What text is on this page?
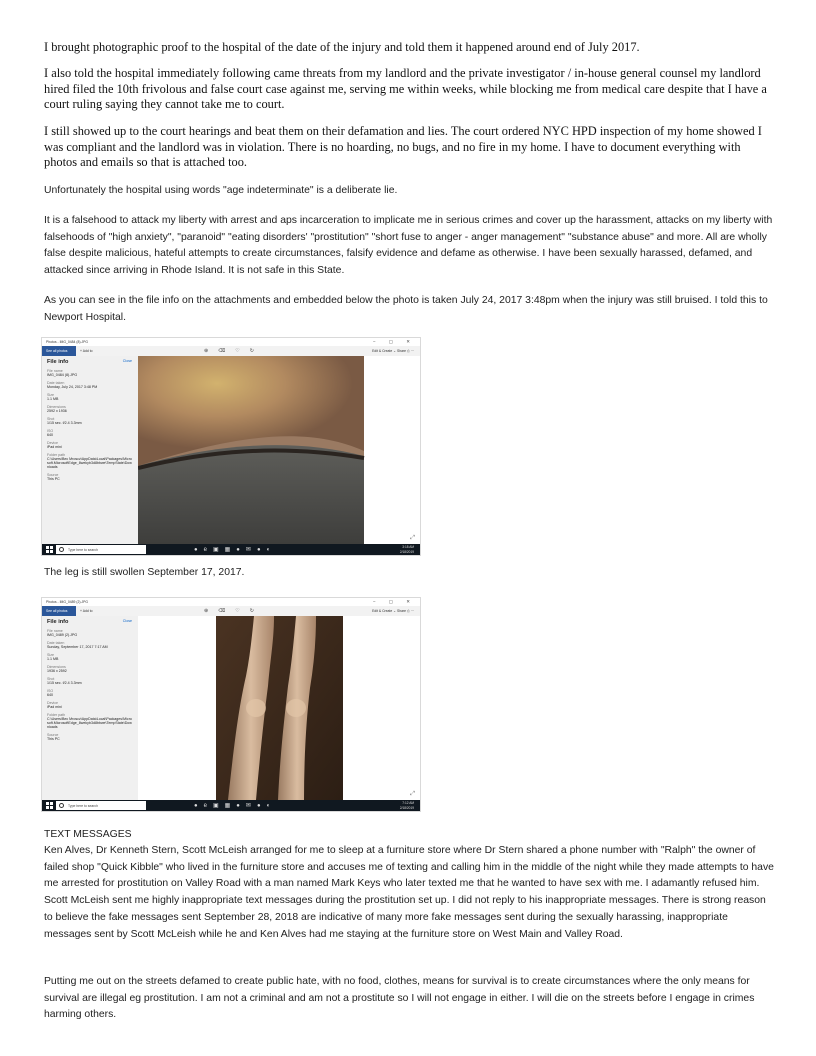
I brought photographic proof to the hospital of the date of the injury and told them it happened around end of July 2017.

I also told the hospital immediately following came threats from my landlord and the private investigator / in-house general counsel my landlord hired filed the 10th frivolous and false court case against me, serving me within weeks, while blocking me from medical care despite that I have a court ruling saying they cannot take me to court.

I still showed up to the court hearings and beat them on their defamation and lies. The court ordered NYC HPD inspection of my home showed I was compliant and the landlord was in violation. There is no hoarding, no bugs, and no fire in my home. I have to document everything with photos and emails so that is attached too.

Unfortunately the hospital using words "age indeterminate" is a deliberate lie.

It is a falsehood to attack my liberty with arrest and aps incarceration to implicate me in serious crimes and cover up the harassment, attacks on my liberty with falsehoods of "high anxiety", "paranoid" "eating disorders' "prostitution" "short fuse to anger - anger management" "substance abuse" and more. All are wholly false despite malicious, hateful attempts to create circumstances, falsify evidence and defame as otherwise. I have been sexually harassed, defamed, and attacked since arriving in Rhode Island. It is not safe in this State.

As you can see in the file info on the attachments and embedded below the photo is taken July 24, 2017 3:48pm when the injury was still bruised. I told this to Newport Hospital.

Photos - IMG_0484 (8).JPG	− ▢ ✕
See all photos	+ Add to	⊕⌫♡↻	Edit & Create ⌄ Share ⎙ ···
File info	Close
File name
IMG_0484 (8).JPG
Date taken
Monday, July 24, 2017 3:48 PM
Size
1.1 MB
Dimensions
2592 x 1936
Shot
1/15 sec. f/2.4 3.3mm
ISO
640
Device
iPad mini
Folder path
C:\Users\Bec Mroscz\AppData\Local\Packages\Microsoft.MicrosoftEdge_8wekyb3d8bbwe\TempState\Downloads
Source
This PC
⤢
Type here to search	●e▣▦●✉●◐	3:18 AM
2/18/2019

The leg is still swollen September 17, 2017.

Photos - IMG_0489 (2).JPG	− ▢ ✕
See all photos	+ Add to	⊕⌫♡↻	Edit & Create ⌄ Share ⎙ ···
File info	Close
File name
IMG_0489 (2).JPG
Date taken
Sunday, September 17, 2017 7:17 AM
Size
1.1 MB
Dimensions
1936 x 2592
Shot
1/15 sec. f/2.4 3.3mm
ISO
640
Device
iPad mini
Folder path
C:\Users\Bec Mroscz\AppData\Local\Packages\Microsoft.MicrosoftEdge_8wekyb3d8bbwe\TempState\Downloads
Source
This PC
⤢
Type here to search	●e▣▦●✉●◐	7:12 AM
2/18/2019

TEXT MESSAGES

Ken Alves, Dr Kenneth Stern, Scott McLeish arranged for me to sleep at a furniture store where Dr Stern shared a phone number with "Ralph" the owner of failed shop "Quick Kibble" who lived in the furniture store and accuses me of texting and calling him in the middle of the night while they made attempts to have me arrested for prostitution on Valley Road with a man named Mark Keys who later texted me that he wanted to have sex with me. I adamantly refused him. Scott McLeish sent me highly inappropriate text messages during the prostitution set up. I did not reply to his inappropriate messages. There is strong reason to believe the fake messages sent September 28, 2018 are indicative of many more fake messages sent during the sexually harassing, inappropriate messages sent by Scott McLeish while he and Ken Alves had me staying at the furniture store on West Main and Valley Road.

Putting me out on the streets defamed to create public hate, with no food, clothes, means for survival is to create circumstances where the only means for survival are illegal eg prostitution. I am not a criminal and am not a prostitute so I will not engage in either. I will die on the streets before I engage in crimes harming others.
